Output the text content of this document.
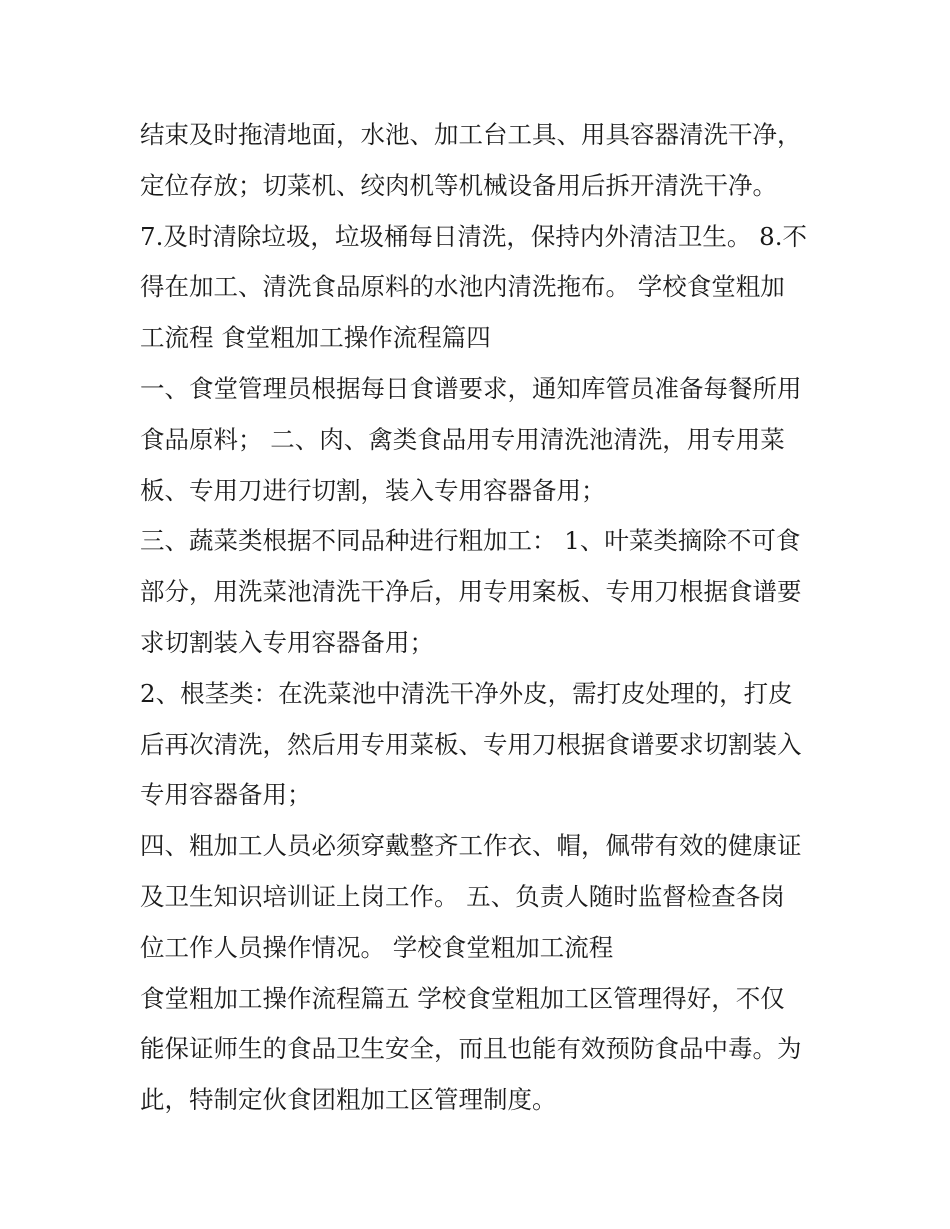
结束及时拖清地面，水池、加工台工具、用具容器清洗干净，
定位存放；切菜机、绞肉机等机械设备用后拆开清洗干净。
7.及时清除垃圾，垃圾桶每日清洗，保持内外清洁卫生。 8.不
得在加工、清洗食品原料的水池内清洗拖布。 学校食堂粗加
工流程 食堂粗加工操作流程篇四
一、食堂管理员根据每日食谱要求，通知库管员准备每餐所用
食品原料； 二、肉、禽类食品用专用清洗池清洗，用专用菜
板、专用刀进行切割，装入专用容器备用；
三、蔬菜类根据不同品种进行粗加工： 1、叶菜类摘除不可食
部分，用洗菜池清洗干净后，用专用案板、专用刀根据食谱要
求切割装入专用容器备用；
2、根茎类：在洗菜池中清洗干净外皮，需打皮处理的，打皮
后再次清洗，然后用专用菜板、专用刀根据食谱要求切割装入
专用容器备用；
四、粗加工人员必须穿戴整齐工作衣、帽，佩带有效的健康证
及卫生知识培训证上岗工作。 五、负责人随时监督检查各岗
位工作人员操作情况。 学校食堂粗加工流程
食堂粗加工操作流程篇五 学校食堂粗加工区管理得好，不仅
能保证师生的食品卫生安全，而且也能有效预防食品中毒。为
此，特制定伙食团粗加工区管理制度。
